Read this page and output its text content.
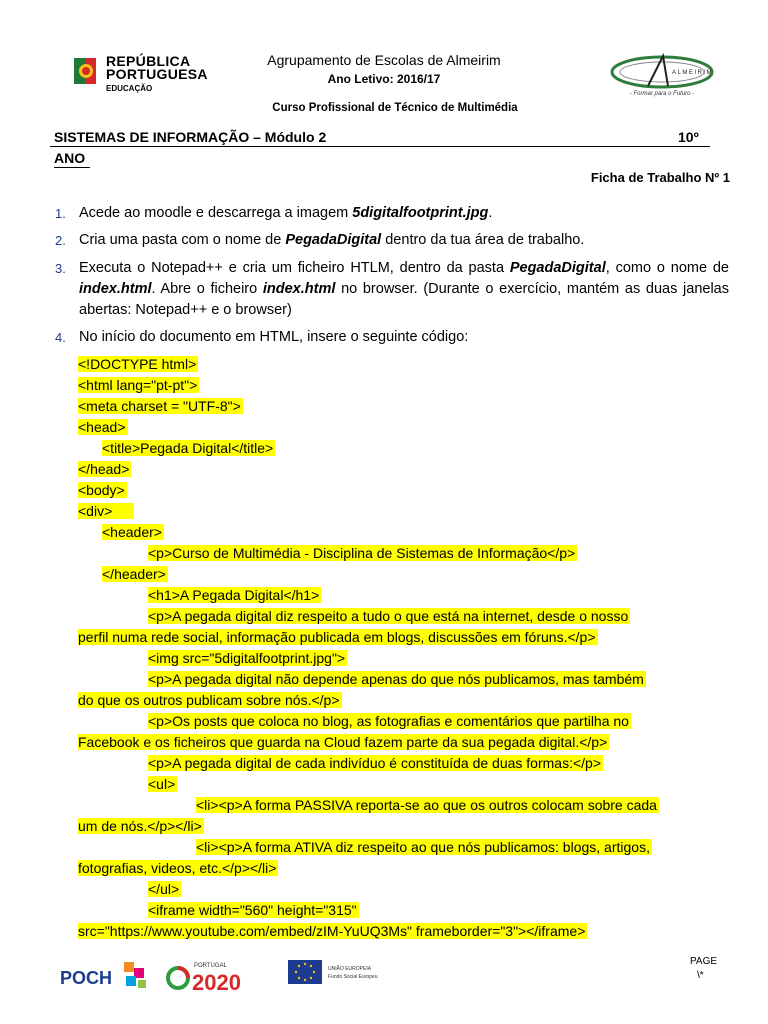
REPÚBLICA
PORTUGUESA
EDUCAÇÃO
Agrupamento de Escolas de Almeirim
Ano Letivo: 2016/17
Curso Profissional de Técnico de Multimédia
ALMEIRIM
- Formar para o Futuro -
SISTEMAS DE INFORMAÇÃO – Módulo 2	10º
ANO
Ficha de Trabalho Nº 1
1. Acede ao moodle e descarrega a imagem 5digitalfootprint.jpg.
2. Cria uma pasta com o nome de PegadaDigital dentro da tua área de trabalho.
3. Executa o Notepad++ e cria um ficheiro HTLM, dentro da pasta PegadaDigital, como o nome de index.html. Abre o ficheiro index.html no browser. (Durante o exercício, mantém as duas janelas abertas: Notepad++ e o browser)
4. No início do documento em HTML, insere o seguinte código:
<!DOCTYPE html>
<html lang="pt-pt">
<meta charset = "UTF-8">
<head>
<title>Pegada Digital</title>
</head>
<body>
<div>
<header>
<p>Curso de Multimédia - Disciplina de Sistemas de Informação</p>
</header>
<h1>A Pegada Digital</h1>
<p>A pegada digital diz respeito a tudo o que está na internet, desde o nosso
perfil numa rede social, informação publicada em blogs, discussões em fóruns.</p>
<img src="5digitalfootprint.jpg">
<p>A pegada digital não depende apenas do que nós publicamos, mas também
do que os outros publicam sobre nós.</p>
<p>Os posts que coloca no blog, as fotografias e comentários que partilha no
Facebook e os ficheiros que guarda na Cloud fazem parte da sua pegada digital.</p>
<p>A pegada digital de cada indivíduo é constituída de duas formas:</p>
<ul>
<li><p>A forma PASSIVA reporta-se ao que os outros colocam sobre cada
um de nós.</p></li>
<li><p>A forma ATIVA diz respeito ao que nós publicamos: blogs, artigos,
fotografias, videos, etc.</p></li>
</ul>
<iframe width="560" height="315"
src="https://www.youtube.com/embed/zIM-YuUQ3Ms" frameborder="3"></iframe>
POCH
PORTUGAL
2020
UNIÃO EUROPEIA
Fundo Social Europeu
PAGE
\*
